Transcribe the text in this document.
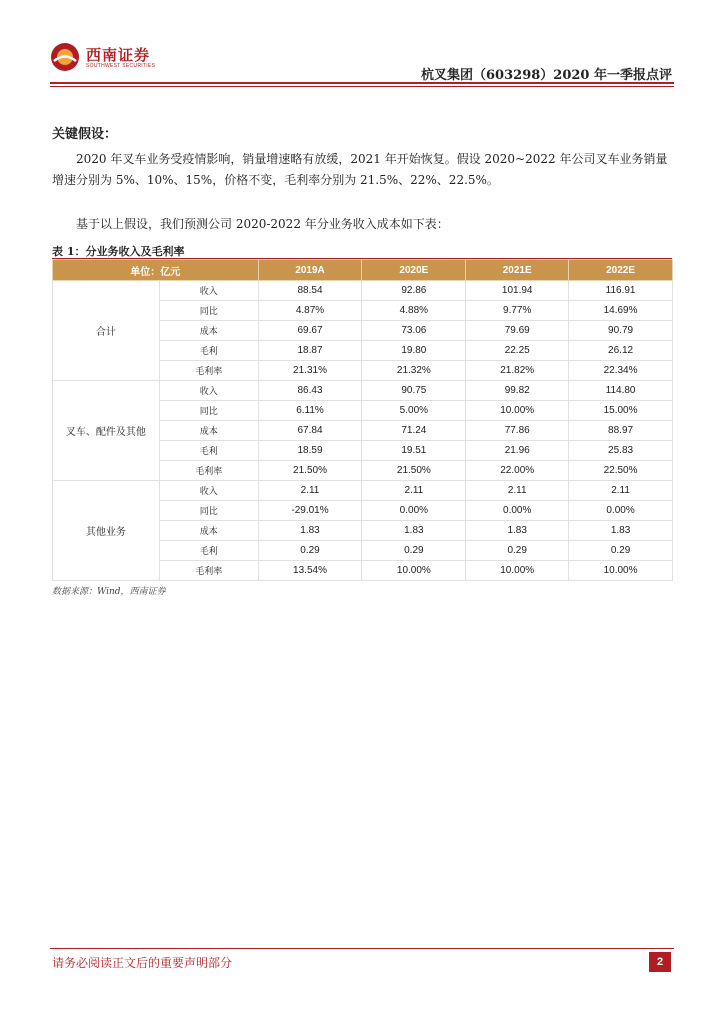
西南证券
SOUTHWEST SECURITIES
杭叉集团（603298）2020 年一季报点评
关键假设：
2020 年叉车业务受疫情影响，销量增速略有放缓，2021 年开始恢复。假设 2020~2022 年公司叉车业务销量增速分别为 5%、10%、15%，价格不变，毛利率分别为 21.5%、22%、22.5%。
基于以上假设，我们预测公司 2020-2022 年分业务收入成本如下表：
表 1：分业务收入及毛利率
单位：亿元		2019A	2020E	2021E	2022E
合计	收入	88.54	92.86	101.94	116.91
	同比	4.87%	4.88%	9.77%	14.69%
	成本	69.67	73.06	79.69	90.79
	毛利	18.87	19.80	22.25	26.12
	毛利率	21.31%	21.32%	21.82%	22.34%
叉车、配件及其他	收入	86.43	90.75	99.82	114.80
	同比	6.11%	5.00%	10.00%	15.00%
	成本	67.84	71.24	77.86	88.97
	毛利	18.59	19.51	21.96	25.83
	毛利率	21.50%	21.50%	22.00%	22.50%
其他业务	收入	2.11	2.11	2.11	2.11
	同比	-29.01%	0.00%	0.00%	0.00%
	成本	1.83	1.83	1.83	1.83
	毛利	0.29	0.29	0.29	0.29
	毛利率	13.54%	10.00%	10.00%	10.00%
数据来源：Wind，西南证券
请务必阅读正文后的重要声明部分	2
